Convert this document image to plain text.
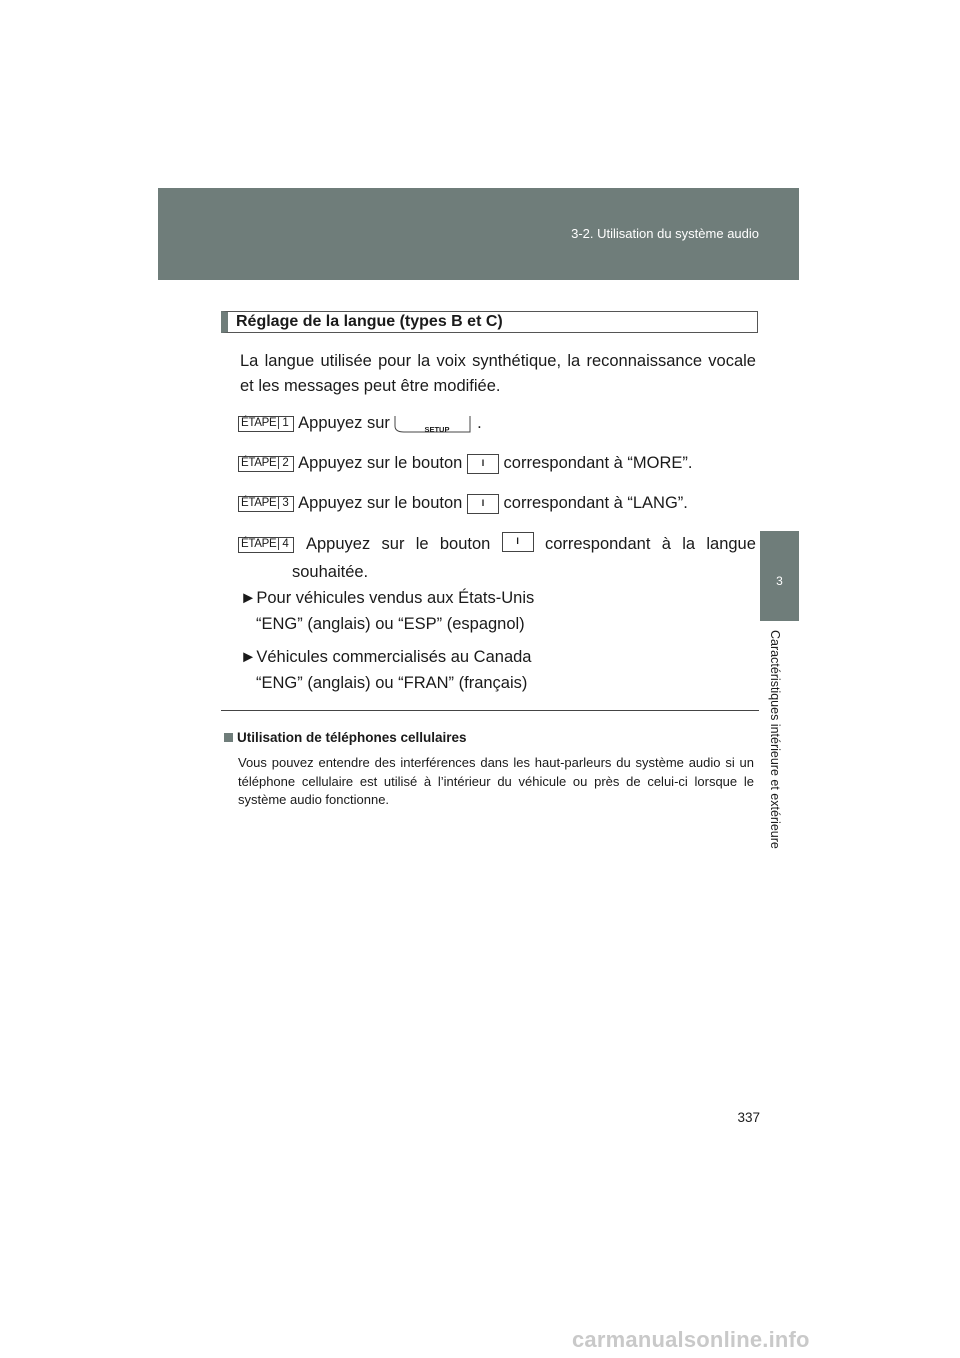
3-2. Utilisation du système audio
3
Caractéristiques intérieure et extérieure
Réglage de la langue (types B et C)
La langue utilisée pour la voix synthétique, la reconnaissance vocale et les messages peut être modifiée.
ÉTAPE 1 Appuyez sur	SETUP .
ÉTAPE 2 Appuyez sur le bouton I correspondant à “MORE”.
ÉTAPE 3 Appuyez sur le bouton I correspondant à “LANG”.
ÉTAPE 4	Appuyez sur le bouton	I	correspondant à la langue
souhaitée.
►Pour véhicules vendus aux États-Unis
“ENG” (anglais) ou “ESP” (espagnol)
►Véhicules commercialisés au Canada
“ENG” (anglais) ou “FRAN” (français)
Utilisation de téléphones cellulaires
Vous pouvez entendre des interférences dans les haut-parleurs du système audio si un téléphone cellulaire est utilisé à l’intérieur du véhicule ou près de celui-ci lorsque le système audio fonctionne.
337
carmanualsonline.info
